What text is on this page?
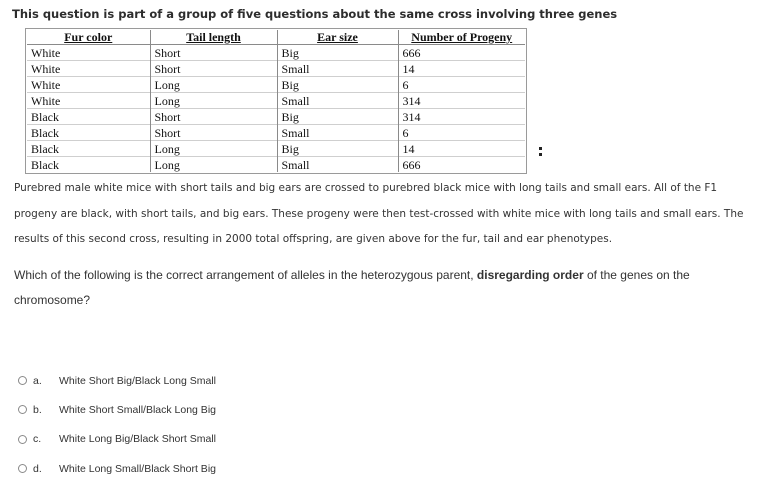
This question is part of a group of five questions about the same cross involving three genes
Fur color	Tail length	Ear size	Number of Progeny
White	Short	Big	666
White	Short	Small	14
White	Long	Big	6
White	Long	Small	314
Black	Short	Big	314
Black	Short	Small	6
Black	Long	Big	14
Black	Long	Small	666
Purebred male white mice with short tails and big ears are crossed to purebred black mice with long tails and small ears. All of the F1 progeny are black, with short tails, and big ears. These progeny were then test-crossed with white mice with long tails and small ears. The results of this second cross, resulting in 2000 total offspring, are given above for the fur, tail and ear phenotypes.
Which of the following is the correct arrangement of alleles in the heterozygous parent, disregarding order of the genes on the chromosome?
a.	White Short Big/Black Long Small
b.	White Short Small/Black Long Big
c.	White Long Big/Black Short Small
d.	White Long Small/Black Short Big
